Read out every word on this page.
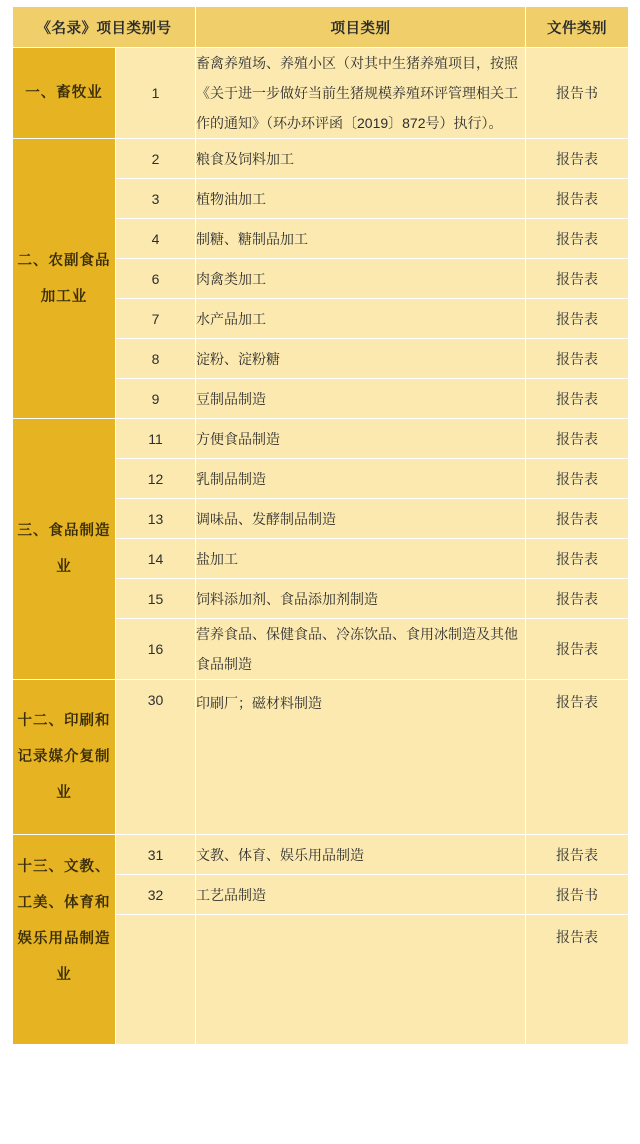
《名录》项目类别号		项目类别	文件类别
一、畜牧业	1	畜禽养殖场、养殖小区（对其中生猪养殖项目，按照《关于进一步做好当前生猪规模养殖环评管理相关工作的通知》（环办环评函〔2019〕872号）执行）。	报告书
二、农副食品加工业	2	粮食及饲料加工	报告表
	3	植物油加工	报告表
	4	制糖、糖制品加工	报告表
	6	肉禽类加工	报告表
	7	水产品加工	报告表
	8	淀粉、淀粉糖	报告表
	9	豆制品制造	报告表
三、食品制造业	11	方便食品制造	报告表
	12	乳制品制造	报告表
	13	调味品、发酵制品制造	报告表
	14	盐加工	报告表
	15	饲料添加剂、食品添加剂制造	报告表
	16	营养食品、保健食品、冷冻饮品、食用冰制造及其他食品制造	报告表
十二、印刷和记录媒介复制业	30	印刷厂；磁材料制造	报告表
十三、文教、工美、体育和娱乐用品制造业	31	文教、体育、娱乐用品制造	报告表
	32	工艺品制造	报告书
			报告表
